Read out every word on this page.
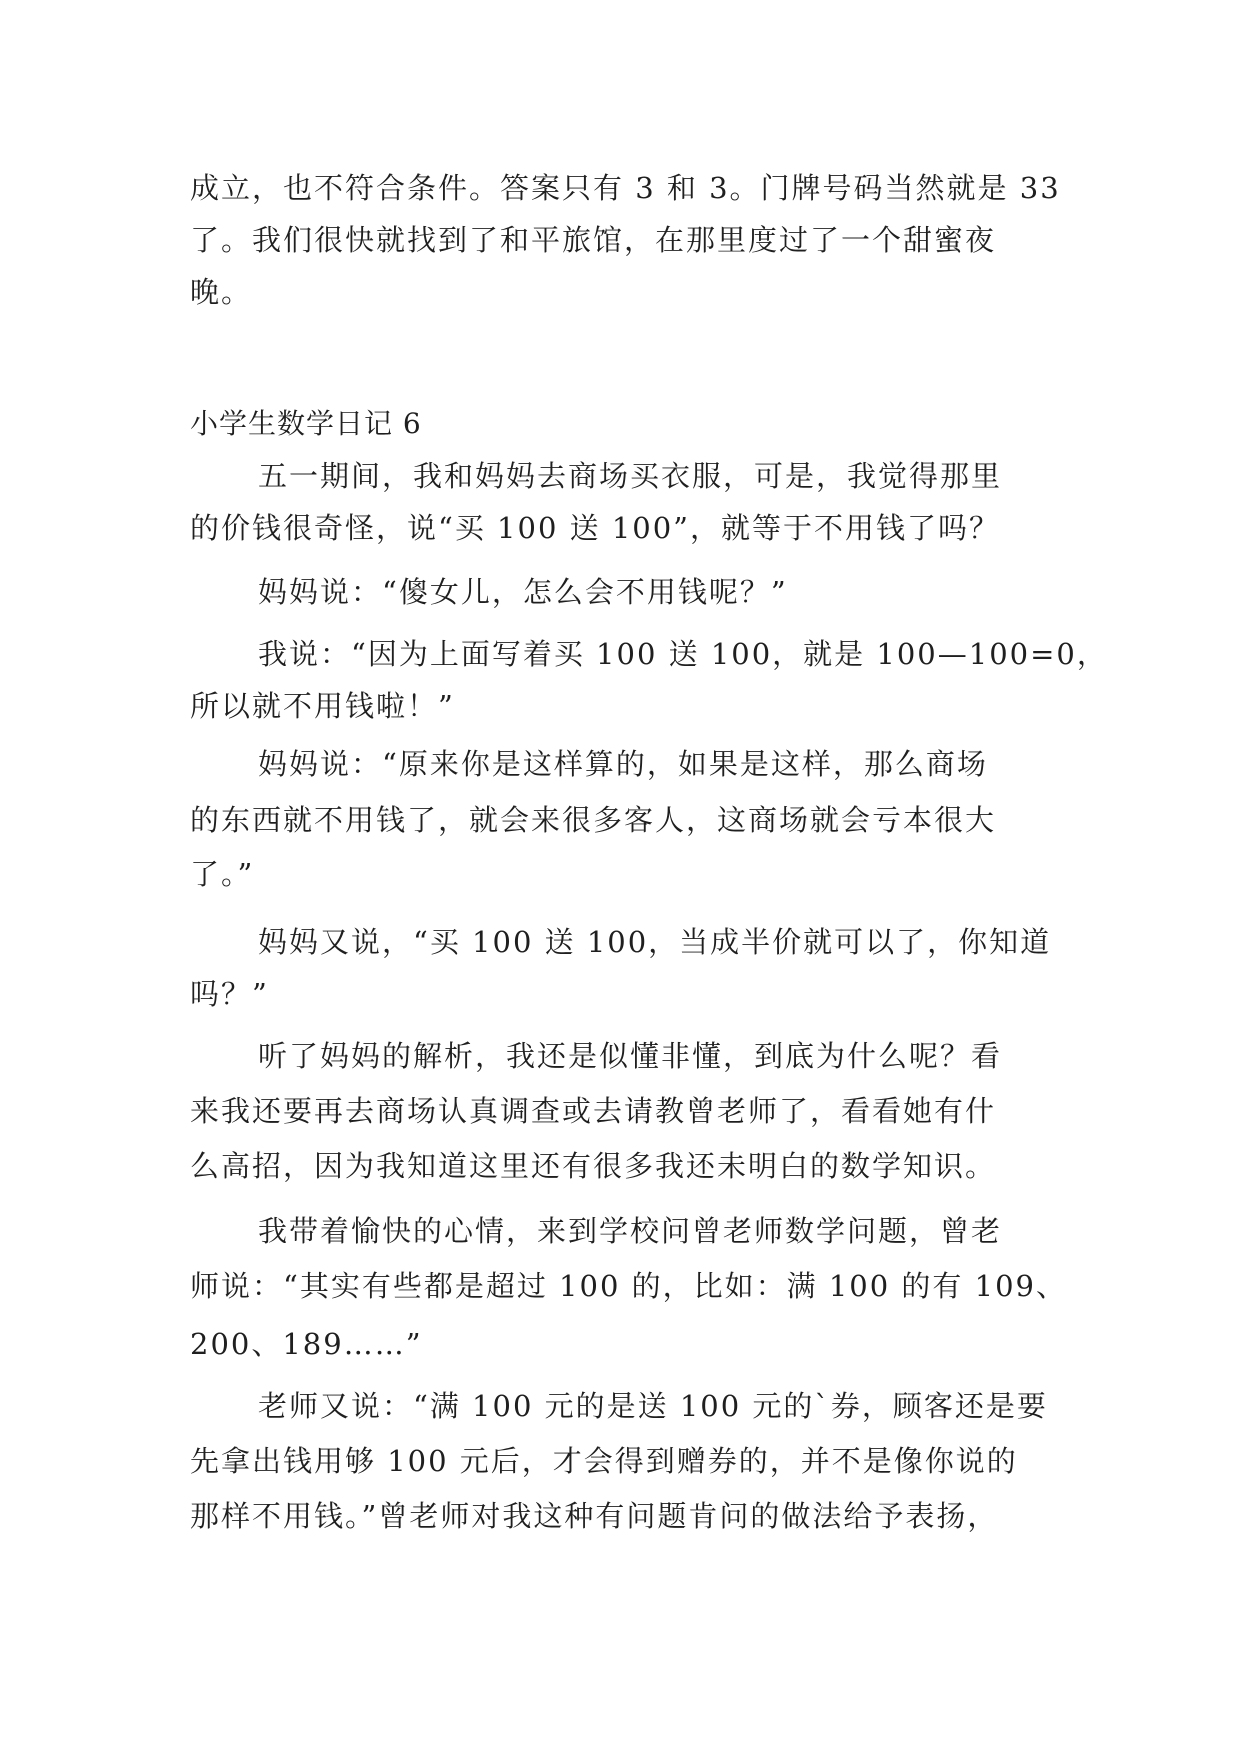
成立，也不符合条件。答案只有 3 和 3。门牌号码当然就是 33
了。我们很快就找到了和平旅馆，在那里度过了一个甜蜜夜
晚。
小学生数学日记 6
五一期间，我和妈妈去商场买衣服，可是，我觉得那里
的价钱很奇怪，说“买 100 送 100”，就等于不用钱了吗？
妈妈说：“傻女儿，怎么会不用钱呢？”
我说：“因为上面写着买 100 送 100，就是 100—100=0，
所以就不用钱啦！”
妈妈说：“原来你是这样算的，如果是这样，那么商场
的东西就不用钱了，就会来很多客人，这商场就会亏本很大
了。”
妈妈又说，“买 100 送 100，当成半价就可以了，你知道
吗？”
听了妈妈的解析，我还是似懂非懂，到底为什么呢？看
来我还要再去商场认真调查或去请教曾老师了，看看她有什
么高招，因为我知道这里还有很多我还未明白的数学知识。
我带着愉快的心情，来到学校问曾老师数学问题，曾老
师说：“其实有些都是超过 100 的，比如：满 100 的有 109、
200、189……”
老师又说：“满 100 元的是送 100 元的`券，顾客还是要
先拿出钱用够 100 元后，才会得到赠券的，并不是像你说的
那样不用钱。”曾老师对我这种有问题肯问的做法给予表扬，
